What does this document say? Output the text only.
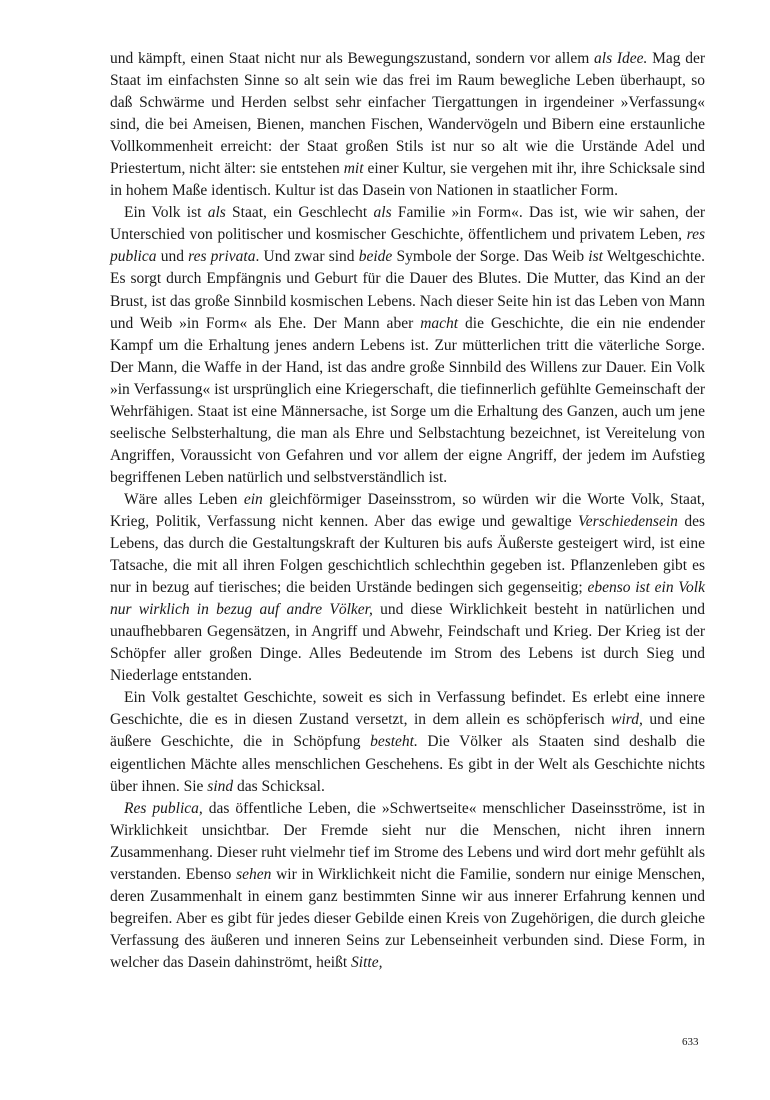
und kämpft, einen Staat nicht nur als Bewegungszustand, sondern vor allem als Idee. Mag der Staat im einfachsten Sinne so alt sein wie das frei im Raum bewegliche Leben überhaupt, so daß Schwärme und Herden selbst sehr einfacher Tiergattungen in irgendeiner »Verfassung« sind, die bei Ameisen, Bienen, manchen Fischen, Wandervögeln und Bibern eine erstaunliche Vollkommenheit erreicht: der Staat großen Stils ist nur so alt wie die Urstände Adel und Priestertum, nicht älter: sie entstehen mit einer Kultur, sie vergehen mit ihr, ihre Schicksale sind in hohem Maße identisch. Kultur ist das Dasein von Nationen in staatlicher Form.

Ein Volk ist als Staat, ein Geschlecht als Familie »in Form«. Das ist, wie wir sahen, der Unterschied von politischer und kosmischer Geschichte, öffentlichem und privatem Leben, res publica und res privata. Und zwar sind beide Symbole der Sorge. Das Weib ist Weltgeschichte. Es sorgt durch Empfängnis und Geburt für die Dauer des Blutes. Die Mutter, das Kind an der Brust, ist das große Sinnbild kosmischen Lebens. Nach dieser Seite hin ist das Leben von Mann und Weib »in Form« als Ehe. Der Mann aber macht die Geschichte, die ein nie endender Kampf um die Erhaltung jenes andern Lebens ist. Zur mütterlichen tritt die väterliche Sorge. Der Mann, die Waffe in der Hand, ist das andre große Sinnbild des Willens zur Dauer. Ein Volk »in Verfassung« ist ursprünglich eine Kriegerschaft, die tiefinnerlich gefühlte Gemeinschaft der Wehrfähigen. Staat ist eine Männersache, ist Sorge um die Erhaltung des Ganzen, auch um jene seelische Selbsterhaltung, die man als Ehre und Selbstachtung bezeichnet, ist Vereitelung von Angriffen, Voraussicht von Gefahren und vor allem der eigne Angriff, der jedem im Aufstieg begriffenen Leben natürlich und selbstverständlich ist.

Wäre alles Leben ein gleichförmiger Daseinsstrom, so würden wir die Worte Volk, Staat, Krieg, Politik, Verfassung nicht kennen. Aber das ewige und gewaltige Verschiedensein des Lebens, das durch die Gestaltungskraft der Kulturen bis aufs Äußerste gesteigert wird, ist eine Tatsache, die mit all ihren Folgen geschichtlich schlechthin gegeben ist. Pflanzenleben gibt es nur in bezug auf tierisches; die beiden Urstände bedingen sich gegenseitig; ebenso ist ein Volk nur wirklich in bezug auf andre Völker, und diese Wirklichkeit besteht in natürlichen und unaufhebbaren Gegensätzen, in Angriff und Abwehr, Feindschaft und Krieg. Der Krieg ist der Schöpfer aller großen Dinge. Alles Bedeutende im Strom des Lebens ist durch Sieg und Niederlage entstanden.

Ein Volk gestaltet Geschichte, soweit es sich in Verfassung befindet. Es erlebt eine innere Geschichte, die es in diesen Zustand versetzt, in dem allein es schöpferisch wird, und eine äußere Geschichte, die in Schöpfung besteht. Die Völker als Staaten sind deshalb die eigentlichen Mächte alles menschlichen Geschehens. Es gibt in der Welt als Geschichte nichts über ihnen. Sie sind das Schicksal.

Res publica, das öffentliche Leben, die »Schwertseite« menschlicher Daseinsströme, ist in Wirklichkeit unsichtbar. Der Fremde sieht nur die Menschen, nicht ihren innern Zusammenhang. Dieser ruht vielmehr tief im Strome des Lebens und wird dort mehr gefühlt als verstanden. Ebenso sehen wir in Wirklichkeit nicht die Familie, sondern nur einige Menschen, deren Zusammenhalt in einem ganz bestimmten Sinne wir aus innerer Erfahrung kennen und begreifen. Aber es gibt für jedes dieser Gebilde einen Kreis von Zugehörigen, die durch gleiche Verfassung des äußeren und inneren Seins zur Lebenseinheit verbunden sind. Diese Form, in welcher das Dasein dahinströmt, heißt Sitte,

633
